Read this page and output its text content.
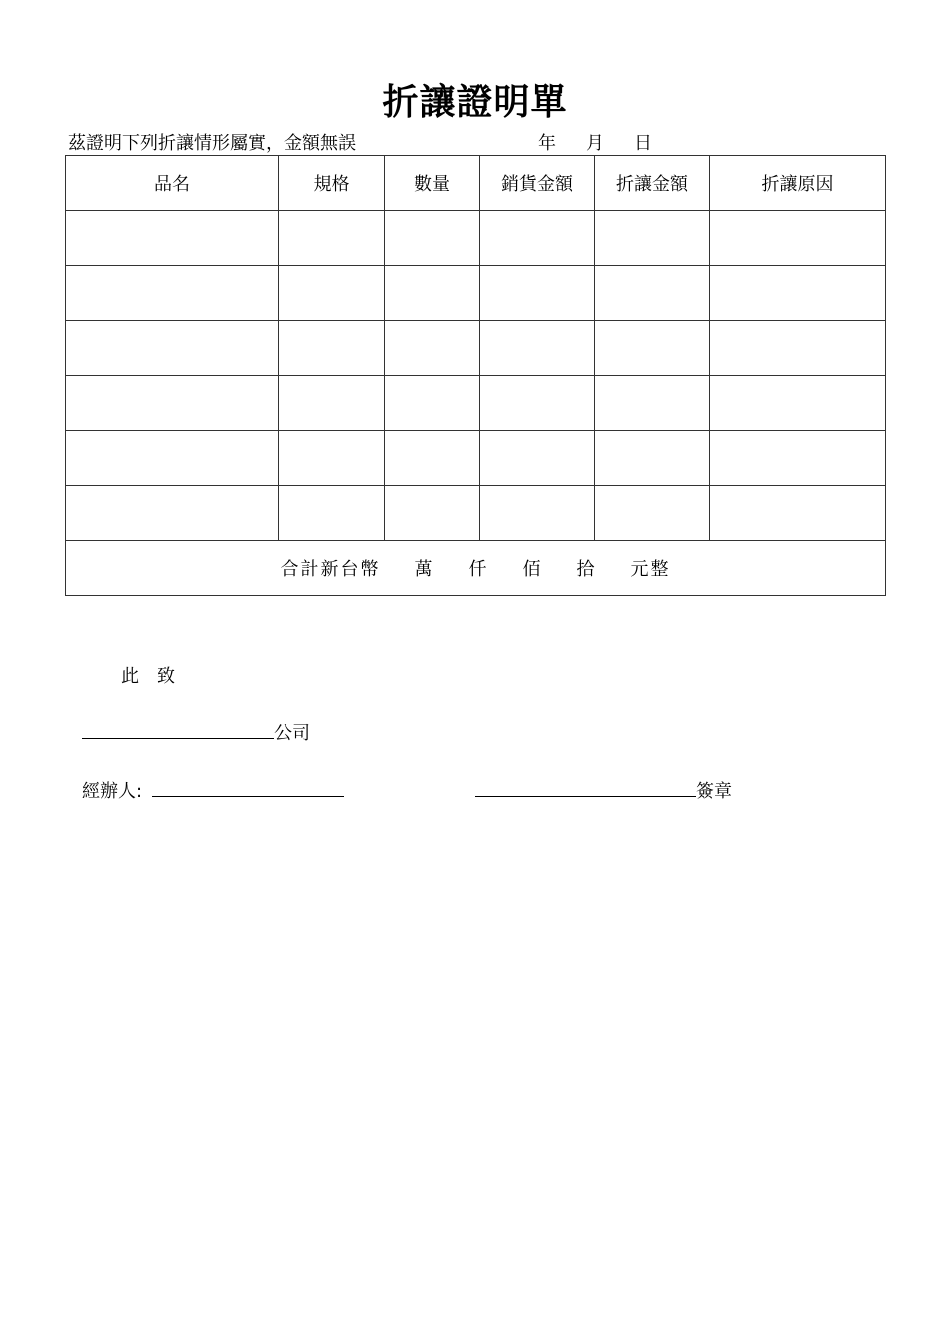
折讓證明單
茲證明下列折讓情形屬實，金額無誤	年 月 日
品名	規格	數量	銷貨金額	折讓金額	折讓原因

合計新台幣 萬 仟 佰 拾 元整					
此 致
公司
經辦人:	簽章
